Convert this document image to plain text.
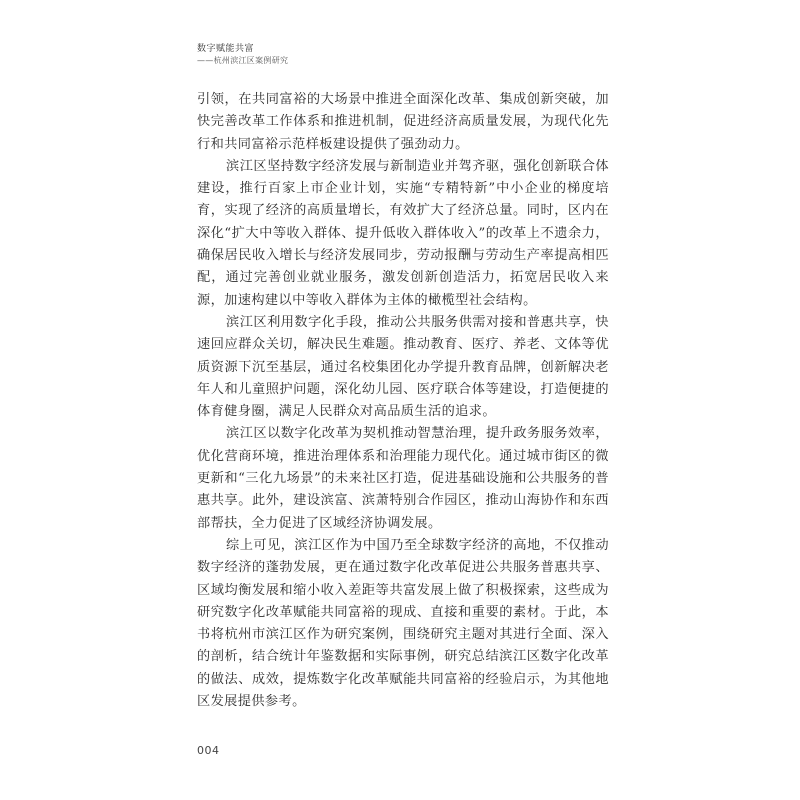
数字赋能共富
——杭州滨江区案例研究

引领，在共同富裕的大场景中推进全面深化改革、集成创新突破，加快完善改革工作体系和推进机制，促进经济高质量发展，为现代化先行和共同富裕示范样板建设提供了强劲动力。

滨江区坚持数字经济发展与新制造业并驾齐驱，强化创新联合体建设，推行百家上市企业计划，实施“专精特新”中小企业的梯度培育，实现了经济的高质量增长，有效扩大了经济总量。同时，区内在深化“扩大中等收入群体、提升低收入群体收入”的改革上不遗余力，确保居民收入增长与经济发展同步，劳动报酬与劳动生产率提高相匹配，通过完善创业就业服务，激发创新创造活力，拓宽居民收入来源，加速构建以中等收入群体为主体的橄榄型社会结构。

滨江区利用数字化手段，推动公共服务供需对接和普惠共享，快速回应群众关切，解决民生难题。推动教育、医疗、养老、文体等优质资源下沉至基层，通过名校集团化办学提升教育品牌，创新解决老年人和儿童照护问题，深化幼儿园、医疗联合体等建设，打造便捷的体育健身圈，满足人民群众对高品质生活的追求。

滨江区以数字化改革为契机推动智慧治理，提升政务服务效率，优化营商环境，推进治理体系和治理能力现代化。通过城市街区的微更新和“三化九场景”的未来社区打造，促进基础设施和公共服务的普惠共享。此外，建设滨富、滨萧特别合作园区，推动山海协作和东西部帮扶，全力促进了区域经济协调发展。

综上可见，滨江区作为中国乃至全球数字经济的高地，不仅推动数字经济的蓬勃发展，更在通过数字化改革促进公共服务普惠共享、区域均衡发展和缩小收入差距等共富发展上做了积极探索，这些成为研究数字化改革赋能共同富裕的现成、直接和重要的素材。于此，本书将杭州市滨江区作为研究案例，围绕研究主题对其进行全面、深入的剖析，结合统计年鉴数据和实际事例，研究总结滨江区数字化改革的做法、成效，提炼数字化改革赋能共同富裕的经验启示，为其他地区发展提供参考。

004
